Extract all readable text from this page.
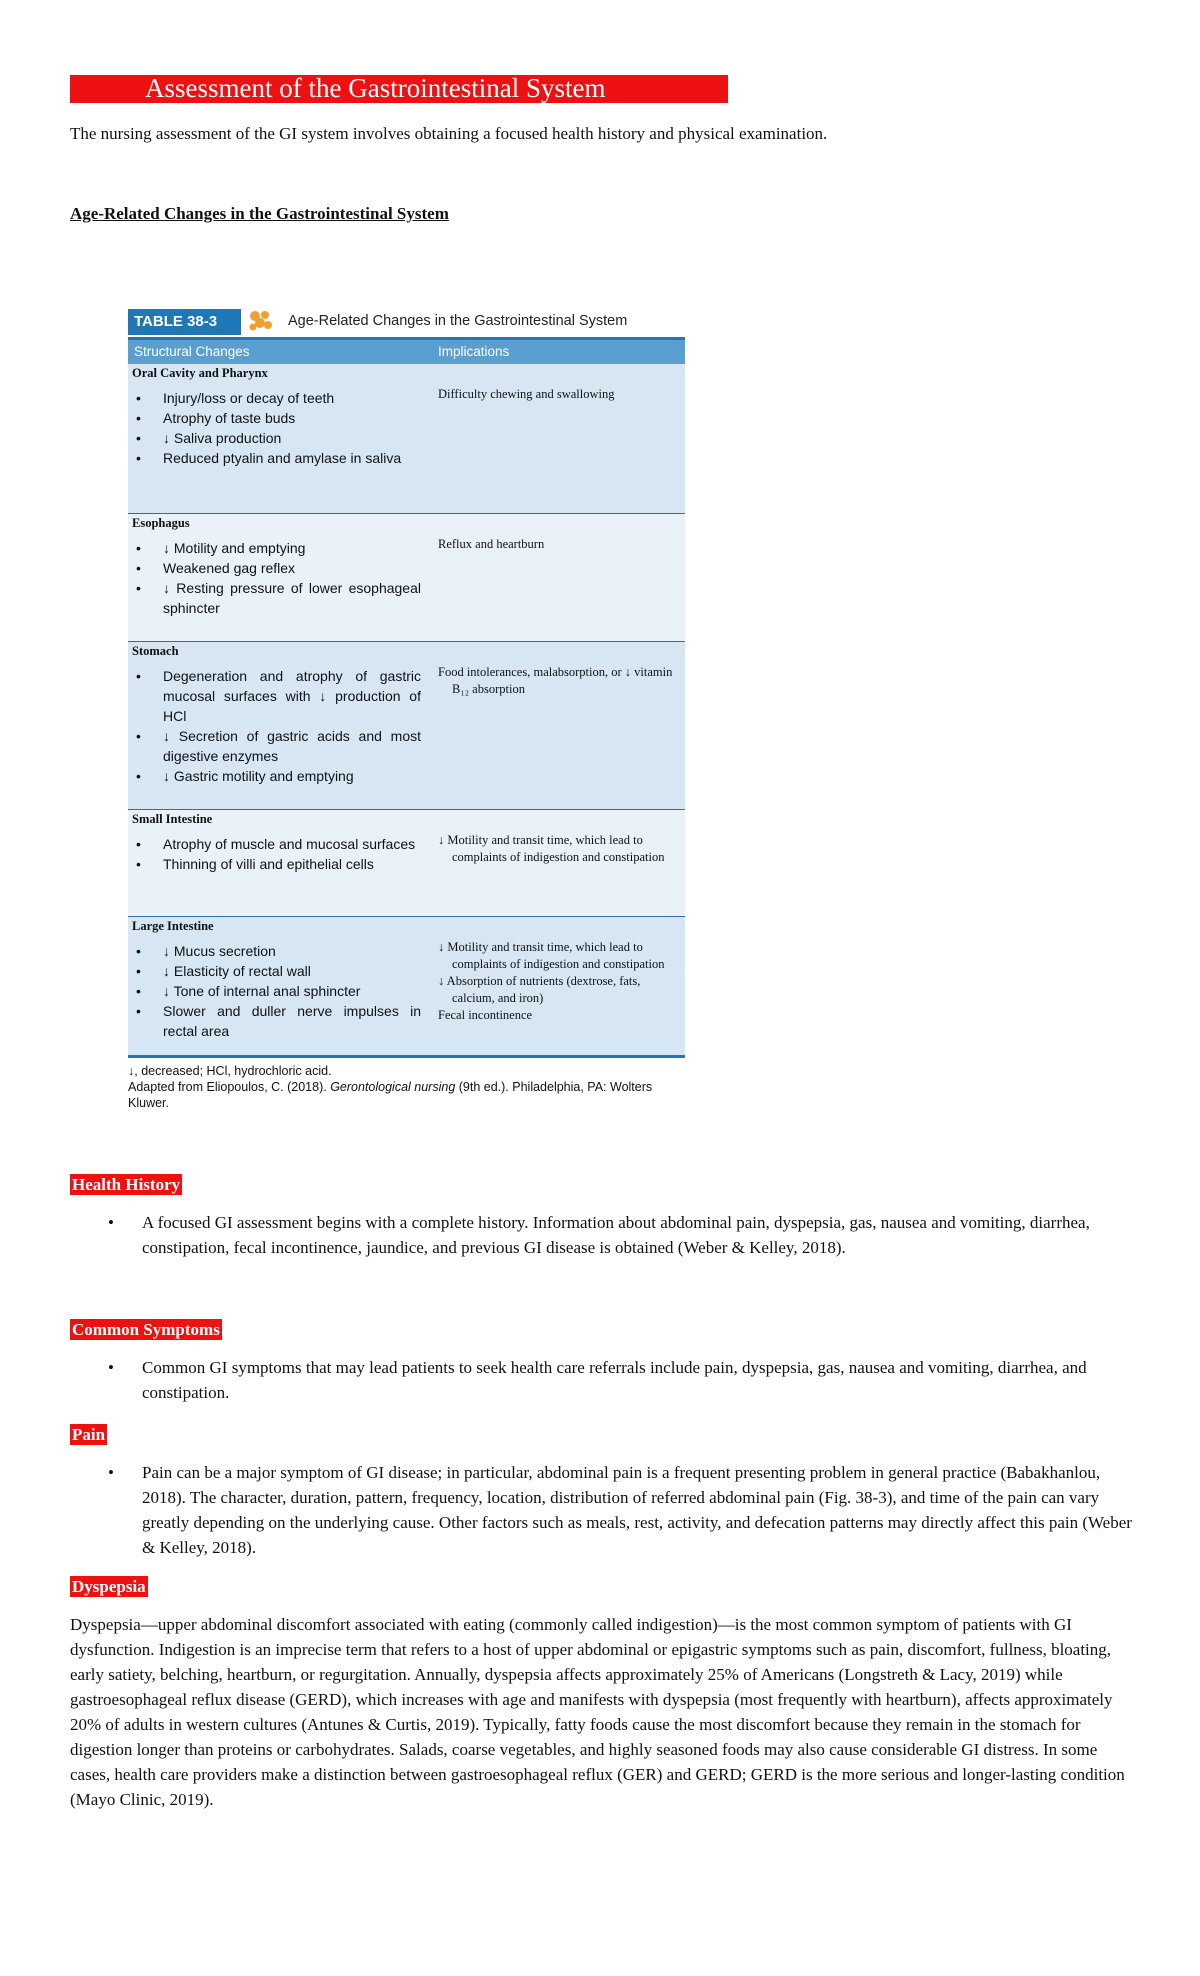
Assessment of the Gastrointestinal System
The nursing assessment of the GI system involves obtaining a focused health history and physical examination.
Age-Related Changes in the Gastrointestinal System
TABLE 38-3	Age-Related Changes in the Gastrointestinal System
Structural Changes	Implications
Oral Cavity and Pharynx
• Injury/loss or decay of teeth
• Atrophy of taste buds
• ↓ Saliva production
• Reduced ptyalin and amylase in saliva

Difficulty chewing and swallowing

Esophagus
• ↓ Motility and emptying
• Weakened gag reflex
• ↓ Resting pressure of lower esophageal sphincter

Reflux and heartburn

Stomach
• Degeneration and atrophy of gastric mucosal surfaces with ↓ production of HCl
• ↓ Secretion of gastric acids and most digestive enzymes
• ↓ Gastric motility and emptying

Food intolerances, malabsorption, or ↓ vitamin B₁₂ absorption

Small Intestine
• Atrophy of muscle and mucosal surfaces
• Thinning of villi and epithelial cells

↓ Motility and transit time, which lead to complaints of indigestion and constipation

Large Intestine
• ↓ Mucus secretion
• ↓ Elasticity of rectal wall
• ↓ Tone of internal anal sphincter
• Slower and duller nerve impulses in rectal area

↓ Motility and transit time, which lead to complaints of indigestion and constipation

↓ Absorption of nutrients (dextrose, fats, calcium, and iron)

Fecal incontinence

↓, decreased; HCl, hydrochloric acid.
Adapted from Eliopoulos, C. (2018). Gerontological nursing (9th ed.). Philadelphia, PA: Wolters Kluwer.
Health History
• A focused GI assessment begins with a complete history. Information about abdominal pain, dyspepsia, gas, nausea and vomiting, diarrhea, constipation, fecal incontinence, jaundice, and previous GI disease is obtained (Weber & Kelley, 2018).
Common Symptoms
• Common GI symptoms that may lead patients to seek health care referrals include pain, dyspepsia, gas, nausea and vomiting, diarrhea, and constipation.
Pain
• Pain can be a major symptom of GI disease; in particular, abdominal pain is a frequent presenting problem in general practice (Babakhanlou, 2018). The character, duration, pattern, frequency, location, distribution of referred abdominal pain (Fig. 38-3), and time of the pain can vary greatly depending on the underlying cause. Other factors such as meals, rest, activity, and defecation patterns may directly affect this pain (Weber & Kelley, 2018).
Dyspepsia
Dyspepsia—upper abdominal discomfort associated with eating (commonly called indigestion)—is the most common symptom of patients with GI dysfunction. Indigestion is an imprecise term that refers to a host of upper abdominal or epigastric symptoms such as pain, discomfort, fullness, bloating, early satiety, belching, heartburn, or regurgitation. Annually, dyspepsia affects approximately 25% of Americans (Longstreth & Lacy, 2019) while gastroesophageal reflux disease (GERD), which increases with age and manifests with dyspepsia (most frequently with heartburn), affects approximately 20% of adults in western cultures (Antunes & Curtis, 2019). Typically, fatty foods cause the most discomfort because they remain in the stomach for digestion longer than proteins or carbohydrates. Salads, coarse vegetables, and highly seasoned foods may also cause considerable GI distress. In some cases, health care providers make a distinction between gastroesophageal reflux (GER) and GERD; GERD is the more serious and longer-lasting condition (Mayo Clinic, 2019).
